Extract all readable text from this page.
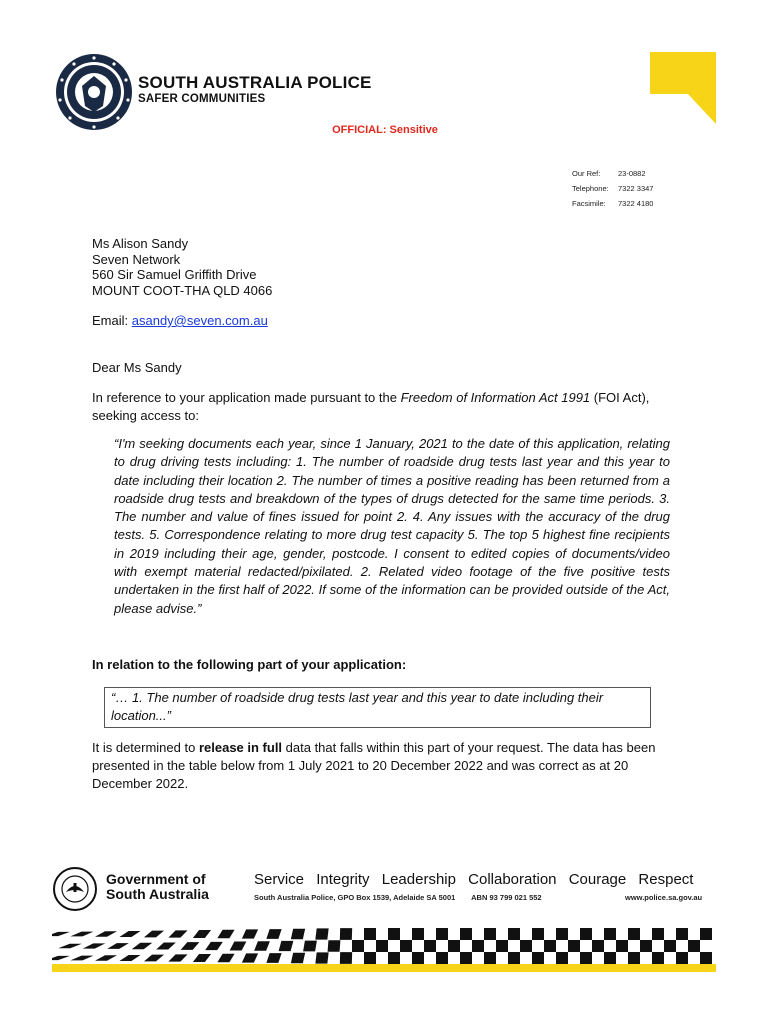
SOUTH AUSTRALIA POLICE
SAFER COMMUNITIES
OFFICIAL: Sensitive
Our Ref:	23-0882
Telephone:	7322 3347
Facsimile:	7322 4180
Ms Alison Sandy
Seven Network
560 Sir Samuel Griffith Drive
MOUNT COOT-THA QLD 4066
Email: asandy@seven.com.au
Dear Ms Sandy
In reference to your application made pursuant to the Freedom of Information Act 1991 (FOI Act), seeking access to:
“I'm seeking documents each year, since 1 January, 2021 to the date of this application, relating to drug driving tests including: 1. The number of roadside drug tests last year and this year to date including their location 2. The number of times a positive reading has been returned from a roadside drug tests and breakdown of the types of drugs detected for the same time periods. 3. The number and value of fines issued for point 2. 4. Any issues with the accuracy of the drug tests. 5. Correspondence relating to more drug test capacity 5. The top 5 highest fine recipients in 2019 including their age, gender, postcode. I consent to edited copies of documents/video with exempt material redacted/pixilated. 2. Related video footage of the five positive tests undertaken in the first half of 2022. If some of the information can be provided outside of the Act, please advise.”
In relation to the following part of your application:
“… 1. The number of roadside drug tests last year and this year to date including their location...”
It is determined to release in full data that falls within this part of your request. The data has been presented in the table below from 1 July 2021 to 20 December 2022 and was correct as at 20 December 2022.
Government of
South Australia
Service Integrity Leadership Collaboration Courage Respect
South Australia Police, GPO Box 1539, Adelaide SA 5001 ABN 93 799 021 552	www.police.sa.gov.au
